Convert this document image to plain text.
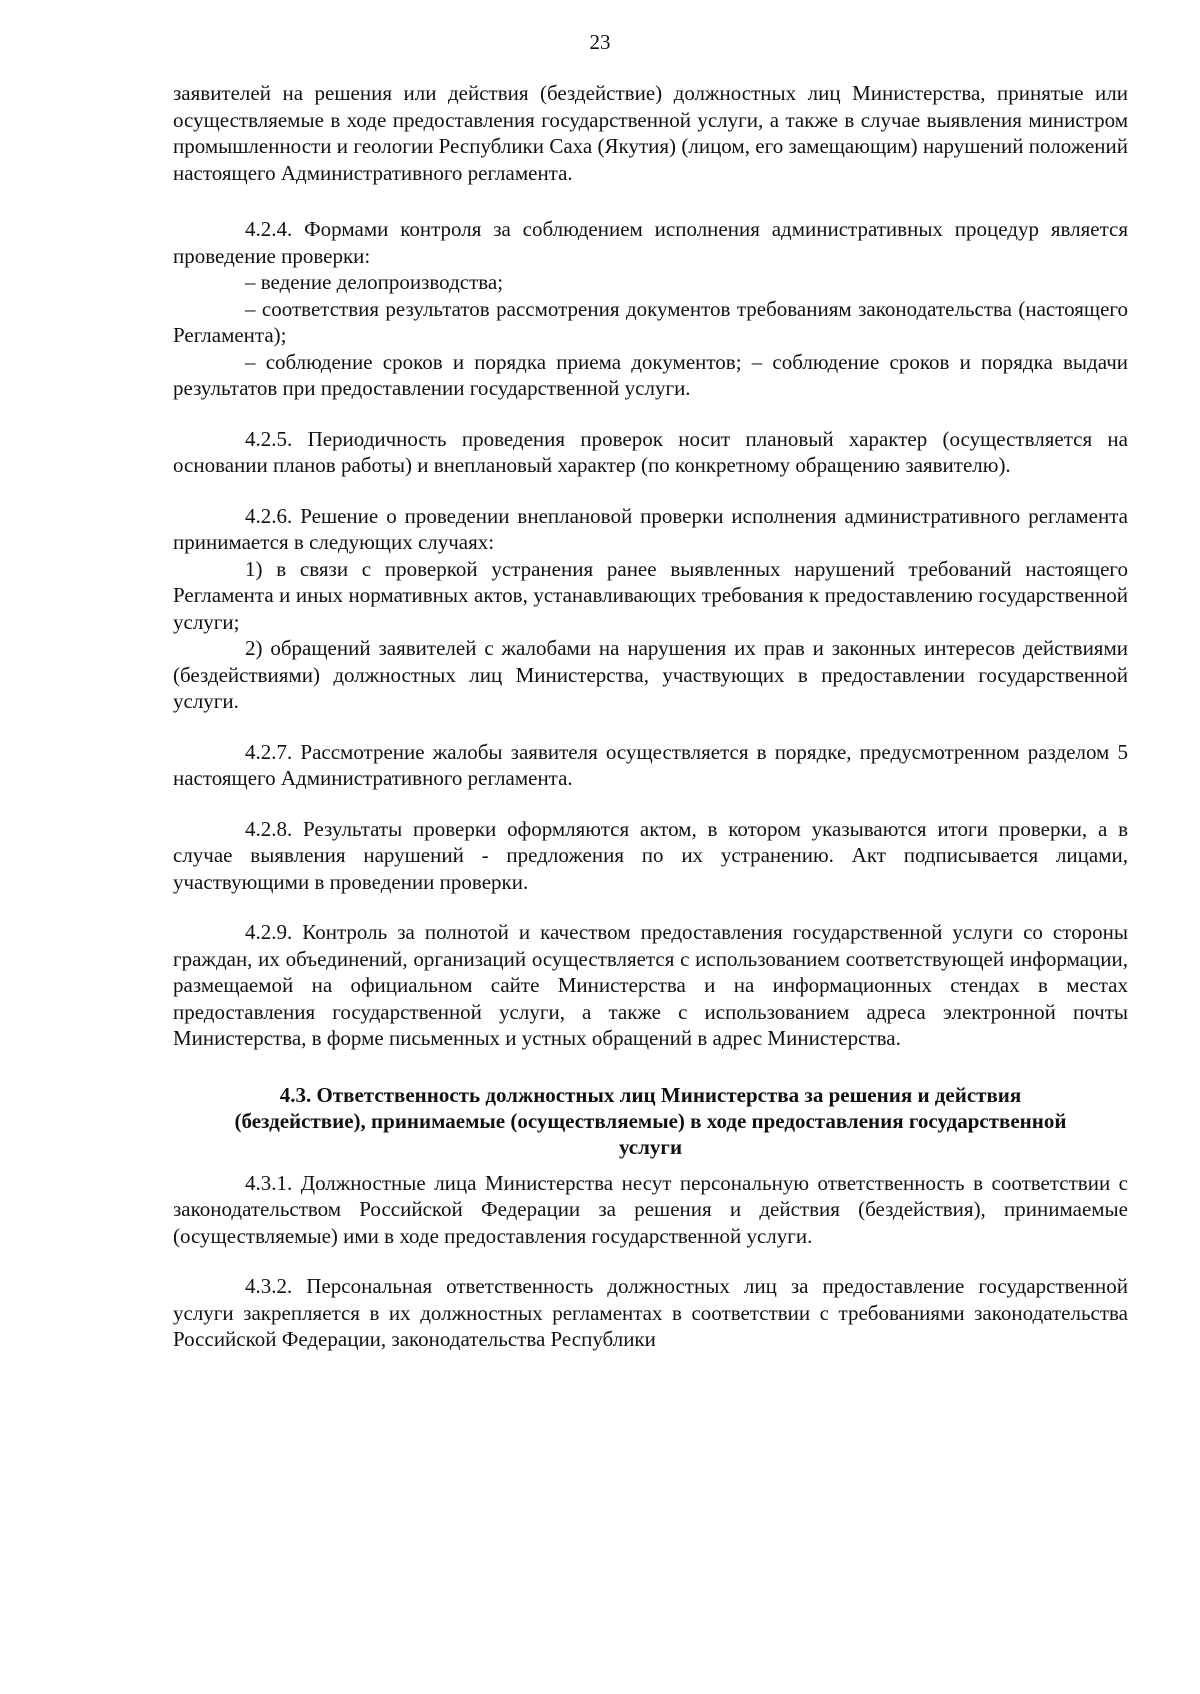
23

заявителей на решения или действия (бездействие) должностных лиц Министерства, принятые или осуществляемые в ходе предоставления государственной услуги, а также в случае выявления министром промышленности и геологии Республики Саха (Якутия) (лицом, его замещающим) нарушений положений настоящего Административного регламента.

4.2.4. Формами контроля за соблюдением исполнения административных процедур является проведение проверки:

– ведение делопроизводства;

– соответствия результатов рассмотрения документов требованиям законодательства (настоящего Регламента);

– соблюдение сроков и порядка приема документов; – соблюдение сроков и порядка выдачи результатов при предоставлении государственной услуги.

4.2.5. Периодичность проведения проверок носит плановый характер (осуществляется на основании планов работы) и внеплановый характер (по конкретному обращению заявителю).

4.2.6. Решение о проведении внеплановой проверки исполнения административного регламента принимается в следующих случаях:

1) в связи с проверкой устранения ранее выявленных нарушений требований настоящего Регламента и иных нормативных актов, устанавливающих требования к предоставлению государственной услуги;

2) обращений заявителей с жалобами на нарушения их прав и законных интересов действиями (бездействиями) должностных лиц Министерства, участвующих в предоставлении государственной услуги.

4.2.7. Рассмотрение жалобы заявителя осуществляется в порядке, предусмотренном разделом 5 настоящего Административного регламента.

4.2.8. Результаты проверки оформляются актом, в котором указываются итоги проверки, а в случае выявления нарушений - предложения по их устранению. Акт подписывается лицами, участвующими в проведении проверки.

4.2.9. Контроль за полнотой и качеством предоставления государственной услуги со стороны граждан, их объединений, организаций осуществляется с использованием соответствующей информации, размещаемой на официальном сайте Министерства и на информационных стендах в местах предоставления государственной услуги, а также с использованием адреса электронной почты Министерства, в форме письменных и устных обращений в адрес Министерства.

4.3. Ответственность должностных лиц Министерства за решения и действия (бездействие), принимаемые (осуществляемые) в ходе предоставления государственной услуги

4.3.1. Должностные лица Министерства несут персональную ответственность в соответствии с законодательством Российской Федерации за решения и действия (бездействия), принимаемые (осуществляемые) ими в ходе предоставления государственной услуги.

4.3.2. Персональная ответственность должностных лиц за предоставление государственной услуги закрепляется в их должностных регламентах в соответствии с требованиями законодательства Российской Федерации, законодательства Республики
